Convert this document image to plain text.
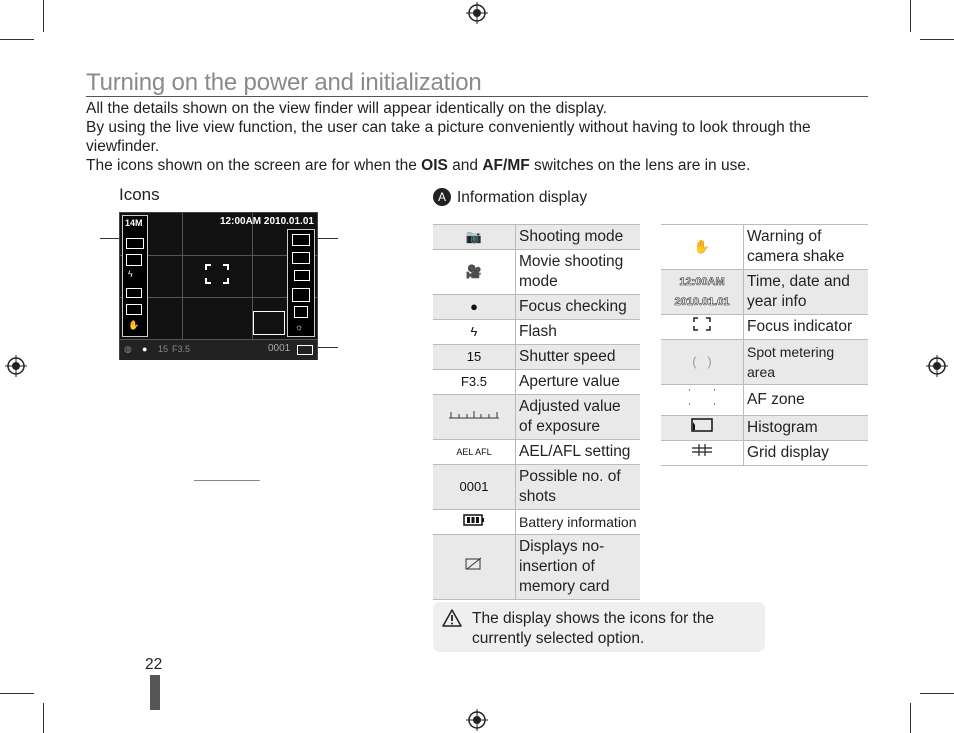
Turning on the power and initialization

All the details shown on the view finder will appear identically on the display.

By using the live view function, the user can take a picture conveniently without having to look through the viewfinder.

The icons shown on the screen are for when the OIS and AF/MF switches on the lens are in use.

Icons
14M
ϟ
✋
12:00AM 2010.01.01
☼
◍ ● 15 F3.5	0001
A Information display
📷	Shooting mode
🎥	Movie shooting mode
●	Focus checking
ϟ	Flash
15	Shutter speed
F3.5	Aperture value
	Adjusted value of exposure
AEL AFL	AEL/AFL setting
0001	Possible no. of shots
	Battery information
	Displays no-insertion of memory card
✋	Warning of camera shake
12:00AM 2010.01.01	Time, date and year info
	Focus indicator
(   )	Spot metering area
	AF zone
	Histogram
	Grid display
The display shows the icons for the currently selected option.
22
